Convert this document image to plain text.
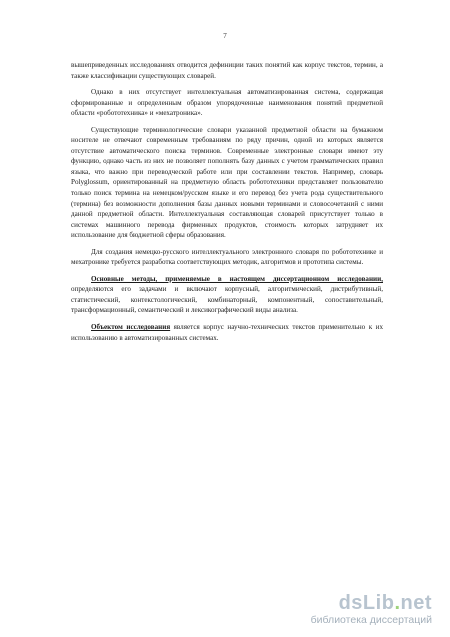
7

вышеприведенных исследованиях отводится дефиниции таких понятий как корпус текстов, термин, а также классификации существующих словарей.

Однако в них отсутствует интеллектуальная автоматизированная система, содержащая сформированные и определенным образом упорядоченные наименования понятий предметной области «робототехника» и «мехатроника».

Существующие терминологические словари указанной предметной области на бумажном носителе не отвечают современным требованиям по ряду причин, одной из которых является отсутствие автоматического поиска терминов. Современные электронные словари имеют эту функцию, однако часть из них не позволяет пополнять базу данных с учетом грамматических правил языка, что важно при переводческой работе или при составлении текстов. Например, словарь Polyglossum, ориентированный на предметную область робототехники представляет пользователю только поиск термина на немецком/русском языке и его перевод без учета рода существительного (термина) без возможности дополнения базы данных новыми терминами и словосочетаний с ними данной предметной области. Интеллектуальная составляющая словарей присутствует только в системах машинного перевода фирменных продуктов, стоимость которых затрудняет их использование для бюджетной сферы образования.

Для создания немецко-русского интеллектуального электронного словаря по робототехнике и мехатронике требуется разработка соответствующих методик, алгоритмов и прототипа системы.

Основные методы, применяемые в настоящем диссертационном исследовании, определяются его задачами и включают корпусный, алгоритмический, дистрибутивный, статистический, контекстологический, комбинаторный, компонентный, сопоставительный, трансформационный, семантический и лексикографический виды анализа.

Объектом исследования является корпус научно-технических текстов применительно к их использованию в автоматизированных системах.

dsLib.net
библиотека диссертаций
